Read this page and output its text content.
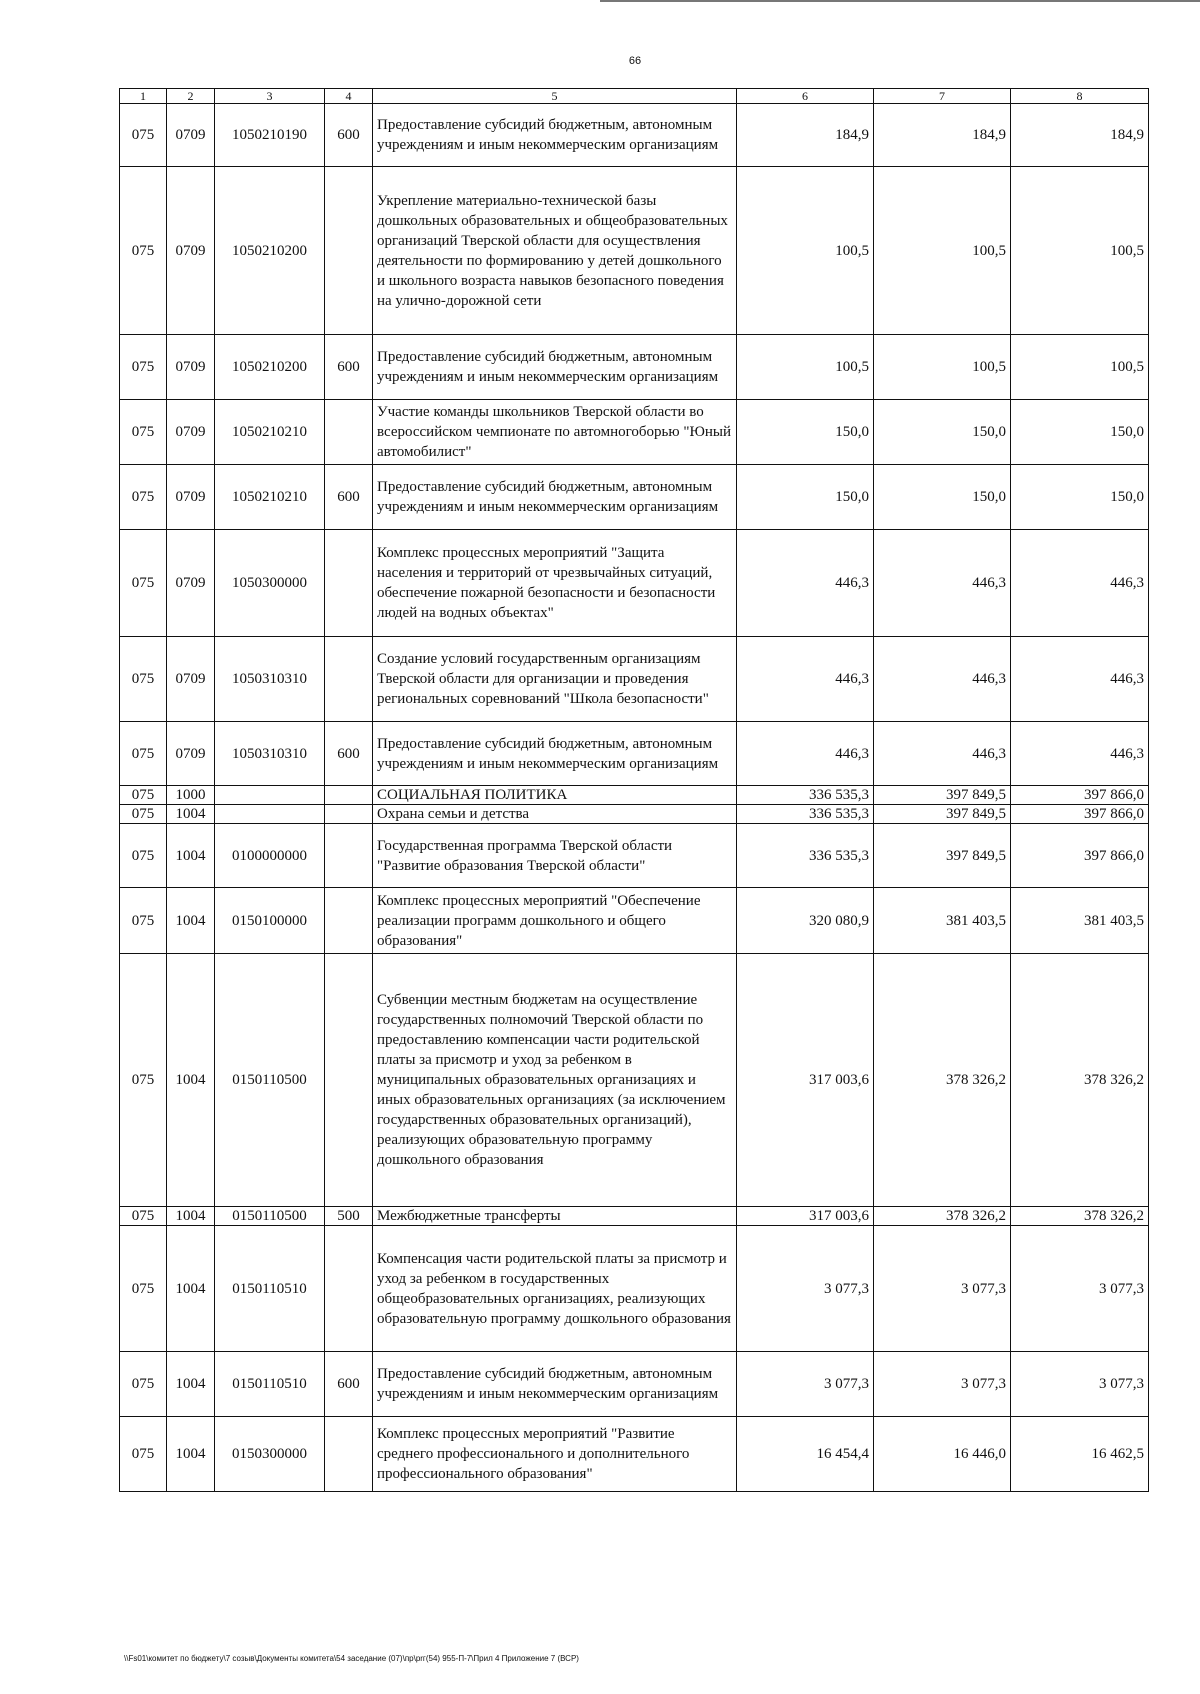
66
1	2	3	4	5	6	7	8
075	0709	1050210190	600	Предоставление субсидий бюджетным, автономным учреждениям и иным некоммерческим организациям	184,9	184,9	184,9
075	0709	1050210200		Укрепление материально-технической базы дошкольных образовательных и общеобразовательных организаций Тверской области для осуществления деятельности по формированию у детей дошкольного и школьного возраста навыков безопасного поведения на улично-дорожной сети	100,5	100,5	100,5
075	0709	1050210200	600	Предоставление субсидий бюджетным, автономным учреждениям и иным некоммерческим организациям	100,5	100,5	100,5
075	0709	1050210210		Участие команды школьников Тверской области во всероссийском чемпионате по автомногоборью "Юный автомобилист"	150,0	150,0	150,0
075	0709	1050210210	600	Предоставление субсидий бюджетным, автономным учреждениям и иным некоммерческим организациям	150,0	150,0	150,0
075	0709	1050300000		Комплекс процессных мероприятий "Защита населения и территорий от чрезвычайных ситуаций, обеспечение пожарной безопасности и безопасности людей на водных объектах"	446,3	446,3	446,3
075	0709	1050310310		Создание условий государственным организациям Тверской области для организации и проведения региональных соревнований "Школа безопасности"	446,3	446,3	446,3
075	0709	1050310310	600	Предоставление субсидий бюджетным, автономным учреждениям и иным некоммерческим организациям	446,3	446,3	446,3
075	1000			СОЦИАЛЬНАЯ ПОЛИТИКА	336 535,3	397 849,5	397 866,0
075	1004			Охрана семьи и детства	336 535,3	397 849,5	397 866,0
075	1004	0100000000		Государственная программа Тверской области "Развитие образования Тверской области"	336 535,3	397 849,5	397 866,0
075	1004	0150100000		Комплекс процессных мероприятий "Обеспечение реализации программ дошкольного и общего образования"	320 080,9	381 403,5	381 403,5
075	1004	0150110500		Субвенции местным бюджетам на осуществление государственных полномочий Тверской области по предоставлению компенсации части родительской платы за присмотр и уход за ребенком в муниципальных образовательных организациях и иных образовательных организациях (за исключением государственных образовательных организаций), реализующих образовательную программу дошкольного образования	317 003,6	378 326,2	378 326,2
075	1004	0150110500	500	Межбюджетные трансферты	317 003,6	378 326,2	378 326,2
075	1004	0150110510		Компенсация части родительской платы за присмотр и уход за ребенком в государственных общеобразовательных организациях, реализующих образовательную программу дошкольного образования	3 077,3	3 077,3	3 077,3
075	1004	0150110510	600	Предоставление субсидий бюджетным, автономным учреждениям и иным некоммерческим организациям	3 077,3	3 077,3	3 077,3
075	1004	0150300000		Комплекс процессных мероприятий "Развитие среднего профессионального и дополнительного профессионального образования"	16 454,4	16 446,0	16 462,5
\\Fs01\комитет по бюджету\7 созыв\Документы комитета\54 заседание (07)\пр\prг(54) 955-П-7\Прил 4 Приложение 7 (ВСР)
